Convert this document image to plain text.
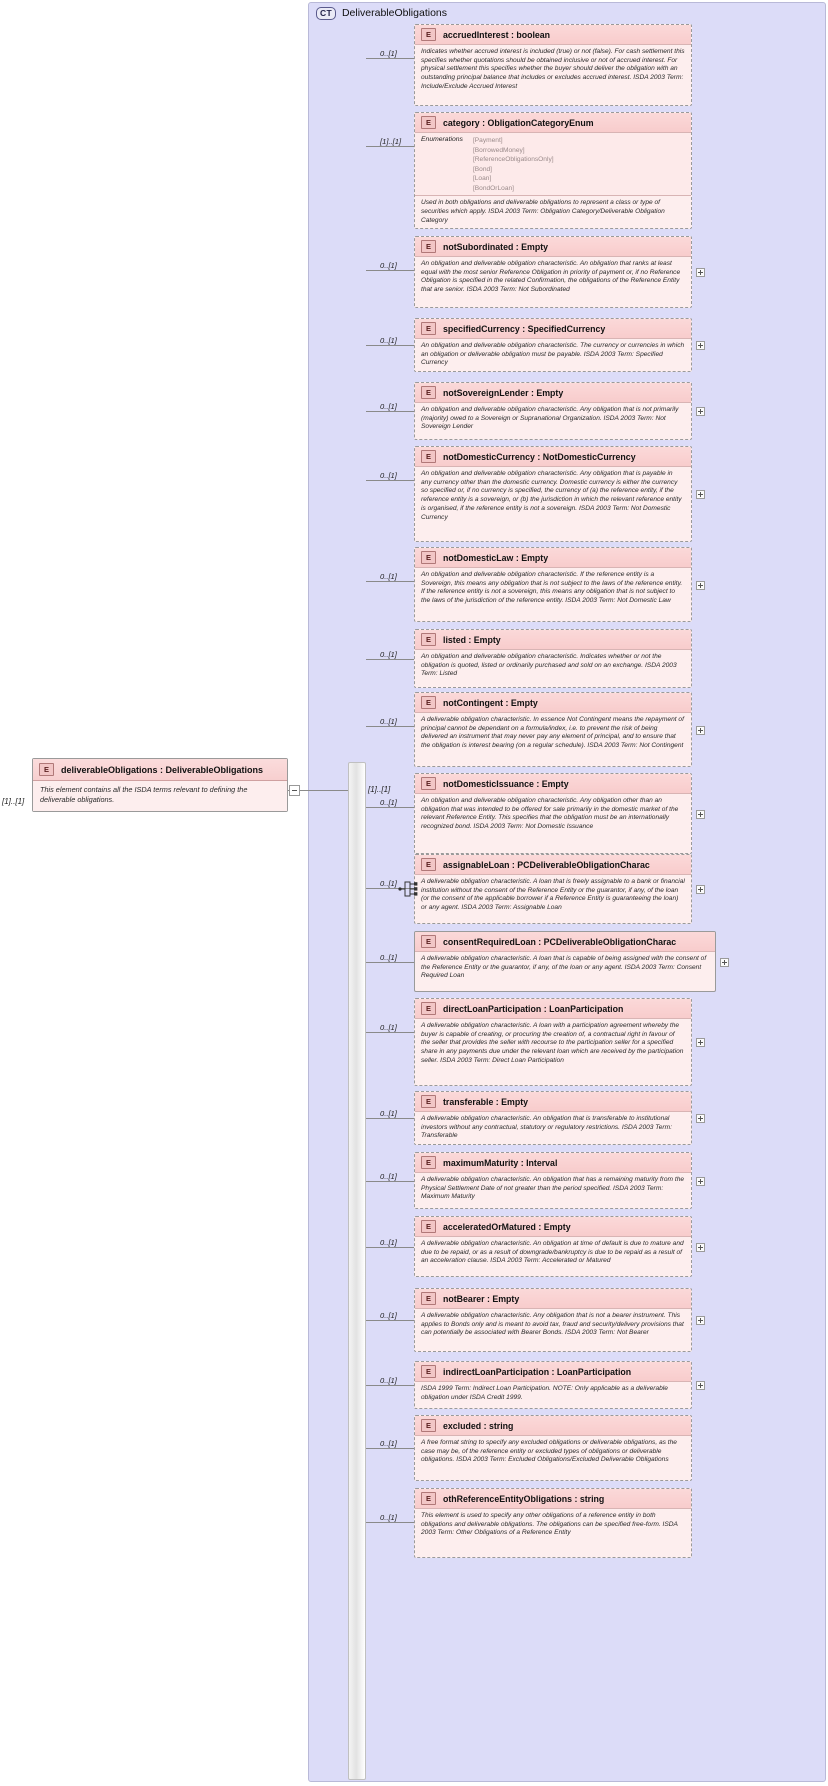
CT DeliverableObligations
[1]..[1]
E	deliverableObligations : DeliverableObligations
This element contains all the ISDA terms relevant to defining the deliverable obligations.
[1]..[1]
0..[1]
E	accruedInterest : boolean
Indicates whether accrued interest is included (true) or not (false). For cash settlement this specifies whether quotations should be obtained inclusive or not of accrued interest. For physical settlement this specifies whether the buyer should deliver the obligation with an outstanding principal balance that includes or excludes accrued interest. ISDA 2003 Term: Include/Exclude Accrued Interest
[1]..[1]
E	category : ObligationCategoryEnum
Enumerations [Payment]
[BorrowedMoney]
[ReferenceObligationsOnly]
[Bond]
[Loan]
[BondOrLoan]
Used in both obligations and deliverable obligations to represent a class or type of securities which apply. ISDA 2003 Term: Obligation Category/Deliverable Obligation Category
0..[1]
E	notSubordinated : Empty
An obligation and deliverable obligation characteristic. An obligation that ranks at least equal with the most senior Reference Obligation in priority of payment or, if no Reference Obligation is specified in the related Confirmation, the obligations of the Reference Entity that are senior. ISDA 2003 Term: Not Subordinated
0..[1]
E	specifiedCurrency : SpecifiedCurrency
An obligation and deliverable obligation characteristic. The currency or currencies in which an obligation or deliverable obligation must be payable. ISDA 2003 Term: Specified Currency
0..[1]
E	notSovereignLender : Empty
An obligation and deliverable obligation characteristic. Any obligation that is not primarily (majority) owed to a Sovereign or Supranational Organization. ISDA 2003 Term: Not Sovereign Lender
0..[1]
E	notDomesticCurrency : NotDomesticCurrency
An obligation and deliverable obligation characteristic. Any obligation that is payable in any currency other than the domestic currency. Domestic currency is either the currency so specified or, if no currency is specified, the currency of (a) the reference entity, if the reference entity is a sovereign, or (b) the jurisdiction in which the relevant reference entity is organised, if the reference entity is not a sovereign. ISDA 2003 Term: Not Domestic Currency
0..[1]
E	notDomesticLaw : Empty
An obligation and deliverable obligation characteristic. If the reference entity is a Sovereign, this means any obligation that is not subject to the laws of the reference entity. If the reference entity is not a sovereign, this means any obligation that is not subject to the laws of the jurisdiction of the reference entity. ISDA 2003 Term: Not Domestic Law
0..[1]
E	listed : Empty
An obligation and deliverable obligation characteristic. Indicates whether or not the obligation is quoted, listed or ordinarily purchased and sold on an exchange. ISDA 2003 Term: Listed
0..[1]
E	notContingent : Empty
A deliverable obligation characteristic. In essence Not Contingent means the repayment of principal cannot be dependant on a formula/index, i.e. to prevent the risk of being delivered an instrument that may never pay any element of principal, and to ensure that the obligation is interest bearing (on a regular schedule). ISDA 2003 Term: Not Contingent
0..[1]
E	notDomesticIssuance : Empty
An obligation and deliverable obligation characteristic. Any obligation other than an obligation that was intended to be offered for sale primarily in the domestic market of the relevant Reference Entity. This specifies that the obligation must be an internationally recognized bond. ISDA 2003 Term: Not Domestic Issuance
0..[1]
E	assignableLoan : PCDeliverableObligationCharac
A deliverable obligation characteristic. A loan that is freely assignable to a bank or financial institution without the consent of the Reference Entity or the guarantor, if any, of the loan (or the consent of the applicable borrower if a Reference Entity is guaranteeing the loan) or any agent. ISDA 2003 Term: Assignable Loan
0..[1]
E	consentRequiredLoan : PCDeliverableObligationCharac
A deliverable obligation characteristic. A loan that is capable of being assigned with the consent of the Reference Entity or the guarantor, if any, of the loan or any agent. ISDA 2003 Term: Consent Required Loan
0..[1]
E	directLoanParticipation : LoanParticipation
A deliverable obligation characteristic. A loan with a participation agreement whereby the buyer is capable of creating, or procuring the creation of, a contractual right in favour of the seller that provides the seller with recourse to the participation seller for a specified share in any payments due under the relevant loan which are received by the participation seller. ISDA 2003 Term: Direct Loan Participation
0..[1]
E	transferable : Empty
A deliverable obligation characteristic. An obligation that is transferable to institutional investors without any contractual, statutory or regulatory restrictions. ISDA 2003 Term: Transferable
0..[1]
E	maximumMaturity : Interval
A deliverable obligation characteristic. An obligation that has a remaining maturity from the Physical Settlement Date of not greater than the period specified. ISDA 2003 Term: Maximum Maturity
0..[1]
E	acceleratedOrMatured : Empty
A deliverable obligation characteristic. An obligation at time of default is due to mature and due to be repaid, or as a result of downgrade/bankruptcy is due to be repaid as a result of an acceleration clause. ISDA 2003 Term: Accelerated or Matured
0..[1]
E	notBearer : Empty
A deliverable obligation characteristic. Any obligation that is not a bearer instrument. This applies to Bonds only and is meant to avoid tax, fraud and security/delivery provisions that can potentially be associated with Bearer Bonds. ISDA 2003 Term: Not Bearer
0..[1]
E	indirectLoanParticipation : LoanParticipation
ISDA 1999 Term: Indirect Loan Participation. NOTE: Only applicable as a deliverable obligation under ISDA Credit 1999.
0..[1]
E	excluded : string
A free format string to specify any excluded obligations or deliverable obligations, as the case may be, of the reference entity or excluded types of obligations or deliverable obligations. ISDA 2003 Term: Excluded Obligations/Excluded Deliverable Obligations
0..[1]
E	othReferenceEntityObligations : string
This element is used to specify any other obligations of a reference entity in both obligations and deliverable obligations. The obligations can be specified free-form. ISDA 2003 Term: Other Obligations of a Reference Entity
